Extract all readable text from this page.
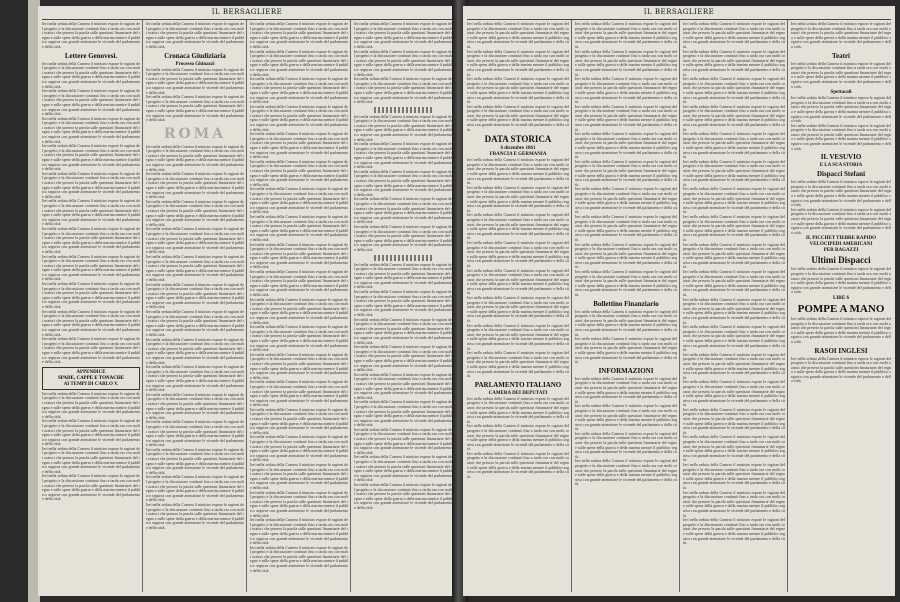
IL BERSAGLIERE
Ieri nella seduta della Camera il ministro espose le ragioni del progetto e la discussione continuò fino a tarda ora con molti oratori che presero la parola sulle questioni finanziarie del regno e sulle spese della guerra e della marina mentre il pubblico seguiva con grande attenzione le vicende del parlamento e della città.
Lettere Genovesi.
Ieri nella seduta della Camera il ministro espose le ragioni del progetto e la discussione continuò fino a tarda ora con molti oratori che presero la parola sulle questioni finanziarie del regno e sulle spese della guerra e della marina mentre il pubblico seguiva con grande attenzione le vicende del parlamento e della città.
Ieri nella seduta della Camera il ministro espose le ragioni del progetto e la discussione continuò fino a tarda ora con molti oratori che presero la parola sulle questioni finanziarie del regno e sulle spese della guerra e della marina mentre il pubblico seguiva con grande attenzione le vicende del parlamento e della città.
Ieri nella seduta della Camera il ministro espose le ragioni del progetto e la discussione continuò fino a tarda ora con molti oratori che presero la parola sulle questioni finanziarie del regno e sulle spese della guerra e della marina mentre il pubblico seguiva con grande attenzione le vicende del parlamento e della città.
Ieri nella seduta della Camera il ministro espose le ragioni del progetto e la discussione continuò fino a tarda ora con molti oratori che presero la parola sulle questioni finanziarie del regno e sulle spese della guerra e della marina mentre il pubblico seguiva con grande attenzione le vicende del parlamento e della città.
Ieri nella seduta della Camera il ministro espose le ragioni del progetto e la discussione continuò fino a tarda ora con molti oratori che presero la parola sulle questioni finanziarie del regno e sulle spese della guerra e della marina mentre il pubblico seguiva con grande attenzione le vicende del parlamento e della città.
Ieri nella seduta della Camera il ministro espose le ragioni del progetto e la discussione continuò fino a tarda ora con molti oratori che presero la parola sulle questioni finanziarie del regno e sulle spese della guerra e della marina mentre il pubblico seguiva con grande attenzione le vicende del parlamento e della città.
Ieri nella seduta della Camera il ministro espose le ragioni del progetto e la discussione continuò fino a tarda ora con molti oratori che presero la parola sulle questioni finanziarie del regno e sulle spese della guerra e della marina mentre il pubblico seguiva con grande attenzione le vicende del parlamento e della città.
Ieri nella seduta della Camera il ministro espose le ragioni del progetto e la discussione continuò fino a tarda ora con molti oratori che presero la parola sulle questioni finanziarie del regno e sulle spese della guerra e della marina mentre il pubblico seguiva con grande attenzione le vicende del parlamento e della città.
Ieri nella seduta della Camera il ministro espose le ragioni del progetto e la discussione continuò fino a tarda ora con molti oratori che presero la parola sulle questioni finanziarie del regno e sulle spese della guerra e della marina mentre il pubblico seguiva con grande attenzione le vicende del parlamento e della città.
Ieri nella seduta della Camera il ministro espose le ragioni del progetto e la discussione continuò fino a tarda ora con molti oratori che presero la parola sulle questioni finanziarie del regno e sulle spese della guerra e della marina mentre il pubblico seguiva con grande attenzione le vicende del parlamento e della città.
Ieri nella seduta della Camera il ministro espose le ragioni del progetto e la discussione continuò fino a tarda ora con molti oratori che presero la parola sulle questioni finanziarie del regno e sulle spese della guerra e della marina mentre il pubblico seguiva con grande attenzione le vicende del parlamento e della città.
APPENDICE
SPADE, CAPPE E TONACHE
AI TEMPI DI CARLO V.
Ieri nella seduta della Camera il ministro espose le ragioni del progetto e la discussione continuò fino a tarda ora con molti oratori che presero la parola sulle questioni finanziarie del regno e sulle spese della guerra e della marina mentre il pubblico seguiva con grande attenzione le vicende del parlamento e della città.
Ieri nella seduta della Camera il ministro espose le ragioni del progetto e la discussione continuò fino a tarda ora con molti oratori che presero la parola sulle questioni finanziarie del regno e sulle spese della guerra e della marina mentre il pubblico seguiva con grande attenzione le vicende del parlamento e della città.
Ieri nella seduta della Camera il ministro espose le ragioni del progetto e la discussione continuò fino a tarda ora con molti oratori che presero la parola sulle questioni finanziarie del regno e sulle spese della guerra e della marina mentre il pubblico seguiva con grande attenzione le vicende del parlamento e della città.
Ieri nella seduta della Camera il ministro espose le ragioni del progetto e la discussione continuò fino a tarda ora con molti oratori che presero la parola sulle questioni finanziarie del regno e sulle spese della guerra e della marina mentre il pubblico seguiva con grande attenzione le vicende del parlamento e della città.
Ieri nella seduta della Camera il ministro espose le ragioni del progetto e la discussione continuò fino a tarda ora con molti oratori che presero la parola sulle questioni finanziarie del regno e sulle spese della guerra e della marina mentre il pubblico seguiva con grande attenzione le vicende del parlamento e della città.
Cronaca Giudiziaria
Processo Ghinazzi
Ieri nella seduta della Camera il ministro espose le ragioni del progetto e la discussione continuò fino a tarda ora con molti oratori che presero la parola sulle questioni finanziarie del regno e sulle spese della guerra e della marina mentre il pubblico seguiva con grande attenzione le vicende del parlamento e della città.
Ieri nella seduta della Camera il ministro espose le ragioni del progetto e la discussione continuò fino a tarda ora con molti oratori che presero la parola sulle questioni finanziarie del regno e sulle spese della guerra e della marina mentre il pubblico seguiva con grande attenzione le vicende del parlamento e della città.
ROMA
Ieri nella seduta della Camera il ministro espose le ragioni del progetto e la discussione continuò fino a tarda ora con molti oratori che presero la parola sulle questioni finanziarie del regno e sulle spese della guerra e della marina mentre il pubblico seguiva con grande attenzione le vicende del parlamento e della città.
Ieri nella seduta della Camera il ministro espose le ragioni del progetto e la discussione continuò fino a tarda ora con molti oratori che presero la parola sulle questioni finanziarie del regno e sulle spese della guerra e della marina mentre il pubblico seguiva con grande attenzione le vicende del parlamento e della città.
Ieri nella seduta della Camera il ministro espose le ragioni del progetto e la discussione continuò fino a tarda ora con molti oratori che presero la parola sulle questioni finanziarie del regno e sulle spese della guerra e della marina mentre il pubblico seguiva con grande attenzione le vicende del parlamento e della città.
Ieri nella seduta della Camera il ministro espose le ragioni del progetto e la discussione continuò fino a tarda ora con molti oratori che presero la parola sulle questioni finanziarie del regno e sulle spese della guerra e della marina mentre il pubblico seguiva con grande attenzione le vicende del parlamento e della città.
Ieri nella seduta della Camera il ministro espose le ragioni del progetto e la discussione continuò fino a tarda ora con molti oratori che presero la parola sulle questioni finanziarie del regno e sulle spese della guerra e della marina mentre il pubblico seguiva con grande attenzione le vicende del parlamento e della città.
Ieri nella seduta della Camera il ministro espose le ragioni del progetto e la discussione continuò fino a tarda ora con molti oratori che presero la parola sulle questioni finanziarie del regno e sulle spese della guerra e della marina mentre il pubblico seguiva con grande attenzione le vicende del parlamento e della città.
Ieri nella seduta della Camera il ministro espose le ragioni del progetto e la discussione continuò fino a tarda ora con molti oratori che presero la parola sulle questioni finanziarie del regno e sulle spese della guerra e della marina mentre il pubblico seguiva con grande attenzione le vicende del parlamento e della città.
Ieri nella seduta della Camera il ministro espose le ragioni del progetto e la discussione continuò fino a tarda ora con molti oratori che presero la parola sulle questioni finanziarie del regno e sulle spese della guerra e della marina mentre il pubblico seguiva con grande attenzione le vicende del parlamento e della città.
Ieri nella seduta della Camera il ministro espose le ragioni del progetto e la discussione continuò fino a tarda ora con molti oratori che presero la parola sulle questioni finanziarie del regno e sulle spese della guerra e della marina mentre il pubblico seguiva con grande attenzione le vicende del parlamento e della città.
Ieri nella seduta della Camera il ministro espose le ragioni del progetto e la discussione continuò fino a tarda ora con molti oratori che presero la parola sulle questioni finanziarie del regno e sulle spese della guerra e della marina mentre il pubblico seguiva con grande attenzione le vicende del parlamento e della città.
Ieri nella seduta della Camera il ministro espose le ragioni del progetto e la discussione continuò fino a tarda ora con molti oratori che presero la parola sulle questioni finanziarie del regno e sulle spese della guerra e della marina mentre il pubblico seguiva con grande attenzione le vicende del parlamento e della città.
Ieri nella seduta della Camera il ministro espose le ragioni del progetto e la discussione continuò fino a tarda ora con molti oratori che presero la parola sulle questioni finanziarie del regno e sulle spese della guerra e della marina mentre il pubblico seguiva con grande attenzione le vicende del parlamento e della città.
Ieri nella seduta della Camera il ministro espose le ragioni del progetto e la discussione continuò fino a tarda ora con molti oratori che presero la parola sulle questioni finanziarie del regno e sulle spese della guerra e della marina mentre il pubblico seguiva con grande attenzione le vicende del parlamento e della città.
Ieri nella seduta della Camera il ministro espose le ragioni del progetto e la discussione continuò fino a tarda ora con molti oratori che presero la parola sulle questioni finanziarie del regno e sulle spese della guerra e della marina mentre il pubblico seguiva con grande attenzione le vicende del parlamento e della città.
Ieri nella seduta della Camera il ministro espose le ragioni del progetto e la discussione continuò fino a tarda ora con molti oratori che presero la parola sulle questioni finanziarie del regno e sulle spese della guerra e della marina mentre il pubblico seguiva con grande attenzione le vicende del parlamento e della città.
Ieri nella seduta della Camera il ministro espose le ragioni del progetto e la discussione continuò fino a tarda ora con molti oratori che presero la parola sulle questioni finanziarie del regno e sulle spese della guerra e della marina mentre il pubblico seguiva con grande attenzione le vicende del parlamento e della città.
Ieri nella seduta della Camera il ministro espose le ragioni del progetto e la discussione continuò fino a tarda ora con molti oratori che presero la parola sulle questioni finanziarie del regno e sulle spese della guerra e della marina mentre il pubblico seguiva con grande attenzione le vicende del parlamento e della città.
Ieri nella seduta della Camera il ministro espose le ragioni del progetto e la discussione continuò fino a tarda ora con molti oratori che presero la parola sulle questioni finanziarie del regno e sulle spese della guerra e della marina mentre il pubblico seguiva con grande attenzione le vicende del parlamento e della città.
Ieri nella seduta della Camera il ministro espose le ragioni del progetto e la discussione continuò fino a tarda ora con molti oratori che presero la parola sulle questioni finanziarie del regno e sulle spese della guerra e della marina mentre il pubblico seguiva con grande attenzione le vicende del parlamento e della città.
Ieri nella seduta della Camera il ministro espose le ragioni del progetto e la discussione continuò fino a tarda ora con molti oratori che presero la parola sulle questioni finanziarie del regno e sulle spese della guerra e della marina mentre il pubblico seguiva con grande attenzione le vicende del parlamento e della città.
Ieri nella seduta della Camera il ministro espose le ragioni del progetto e la discussione continuò fino a tarda ora con molti oratori che presero la parola sulle questioni finanziarie del regno e sulle spese della guerra e della marina mentre il pubblico seguiva con grande attenzione le vicende del parlamento e della città.
Ieri nella seduta della Camera il ministro espose le ragioni del progetto e la discussione continuò fino a tarda ora con molti oratori che presero la parola sulle questioni finanziarie del regno e sulle spese della guerra e della marina mentre il pubblico seguiva con grande attenzione le vicende del parlamento e della città.
Ieri nella seduta della Camera il ministro espose le ragioni del progetto e la discussione continuò fino a tarda ora con molti oratori che presero la parola sulle questioni finanziarie del regno e sulle spese della guerra e della marina mentre il pubblico seguiva con grande attenzione le vicende del parlamento e della città.
Ieri nella seduta della Camera il ministro espose le ragioni del progetto e la discussione continuò fino a tarda ora con molti oratori che presero la parola sulle questioni finanziarie del regno e sulle spese della guerra e della marina mentre il pubblico seguiva con grande attenzione le vicende del parlamento e della città.
Ieri nella seduta della Camera il ministro espose le ragioni del progetto e la discussione continuò fino a tarda ora con molti oratori che presero la parola sulle questioni finanziarie del regno e sulle spese della guerra e della marina mentre il pubblico seguiva con grande attenzione le vicende del parlamento e della città.
Ieri nella seduta della Camera il ministro espose le ragioni del progetto e la discussione continuò fino a tarda ora con molti oratori che presero la parola sulle questioni finanziarie del regno e sulle spese della guerra e della marina mentre il pubblico seguiva con grande attenzione le vicende del parlamento e della città.
Ieri nella seduta della Camera il ministro espose le ragioni del progetto e la discussione continuò fino a tarda ora con molti oratori che presero la parola sulle questioni finanziarie del regno e sulle spese della guerra e della marina mentre il pubblico seguiva con grande attenzione le vicende del parlamento e della città.
Ieri nella seduta della Camera il ministro espose le ragioni del progetto e la discussione continuò fino a tarda ora con molti oratori che presero la parola sulle questioni finanziarie del regno e sulle spese della guerra e della marina mentre il pubblico seguiva con grande attenzione le vicende del parlamento e della città.
Ieri nella seduta della Camera il ministro espose le ragioni del progetto e la discussione continuò fino a tarda ora con molti oratori che presero la parola sulle questioni finanziarie del regno e sulle spese della guerra e della marina mentre il pubblico seguiva con grande attenzione le vicende del parlamento e della città.
Ieri nella seduta della Camera il ministro espose le ragioni del progetto e la discussione continuò fino a tarda ora con molti oratori che presero la parola sulle questioni finanziarie del regno e sulle spese della guerra e della marina mentre il pubblico seguiva con grande attenzione le vicende del parlamento e della città.
Ieri nella seduta della Camera il ministro espose le ragioni del progetto e la discussione continuò fino a tarda ora con molti oratori che presero la parola sulle questioni finanziarie del regno e sulle spese della guerra e della marina mentre il pubblico seguiva con grande attenzione le vicende del parlamento e della città.
Ieri nella seduta della Camera il ministro espose le ragioni del progetto e la discussione continuò fino a tarda ora con molti oratori che presero la parola sulle questioni finanziarie del regno e sulle spese della guerra e della marina mentre il pubblico seguiva con grande attenzione le vicende del parlamento e della città.
Ieri nella seduta della Camera il ministro espose le ragioni del progetto e la discussione continuò fino a tarda ora con molti oratori che presero la parola sulle questioni finanziarie del regno e sulle spese della guerra e della marina mentre il pubblico seguiva con grande attenzione le vicende del parlamento e della città.
Ieri nella seduta della Camera il ministro espose le ragioni del progetto e la discussione continuò fino a tarda ora con molti oratori che presero la parola sulle questioni finanziarie del regno e sulle spese della guerra e della marina mentre il pubblico seguiva con grande attenzione le vicende del parlamento e della città.
Ieri nella seduta della Camera il ministro espose le ragioni del progetto e la discussione continuò fino a tarda ora con molti oratori che presero la parola sulle questioni finanziarie del regno e sulle spese della guerra e della marina mentre il pubblico seguiva con grande attenzione le vicende del parlamento e della città.
Ieri nella seduta della Camera il ministro espose le ragioni del progetto e la discussione continuò fino a tarda ora con molti oratori che presero la parola sulle questioni finanziarie del regno e sulle spese della guerra e della marina mentre il pubblico seguiva con grande attenzione le vicende del parlamento e della città.
Ieri nella seduta della Camera il ministro espose le ragioni del progetto e la discussione continuò fino a tarda ora con molti oratori che presero la parola sulle questioni finanziarie del regno e sulle spese della guerra e della marina mentre il pubblico seguiva con grande attenzione le vicende del parlamento e della città.
Ieri nella seduta della Camera il ministro espose le ragioni del progetto e la discussione continuò fino a tarda ora con molti oratori che presero la parola sulle questioni finanziarie del regno e sulle spese della guerra e della marina mentre il pubblico seguiva con grande attenzione le vicende del parlamento e della città.
Ieri nella seduta della Camera il ministro espose le ragioni del progetto e la discussione continuò fino a tarda ora con molti oratori che presero la parola sulle questioni finanziarie del regno e sulle spese della guerra e della marina mentre il pubblico seguiva con grande attenzione le vicende del parlamento e della città.
Ieri nella seduta della Camera il ministro espose le ragioni del progetto e la discussione continuò fino a tarda ora con molti oratori che presero la parola sulle questioni finanziarie del regno e sulle spese della guerra e della marina mentre il pubblico seguiva con grande attenzione le vicende del parlamento e della città.
Ieri nella seduta della Camera il ministro espose le ragioni del progetto e la discussione continuò fino a tarda ora con molti oratori che presero la parola sulle questioni finanziarie del regno e sulle spese della guerra e della marina mentre il pubblico seguiva con grande attenzione le vicende del parlamento e della città.
Ieri nella seduta della Camera il ministro espose le ragioni del progetto e la discussione continuò fino a tarda ora con molti oratori che presero la parola sulle questioni finanziarie del regno e sulle spese della guerra e della marina mentre il pubblico seguiva con grande attenzione le vicende del parlamento e della città.
Ieri nella seduta della Camera il ministro espose le ragioni del progetto e la discussione continuò fino a tarda ora con molti oratori che presero la parola sulle questioni finanziarie del regno e sulle spese della guerra e della marina mentre il pubblico seguiva con grande attenzione le vicende del parlamento e della città.
Ieri nella seduta della Camera il ministro espose le ragioni del progetto e la discussione continuò fino a tarda ora con molti oratori che presero la parola sulle questioni finanziarie del regno e sulle spese della guerra e della marina mentre il pubblico seguiva con grande attenzione le vicende del parlamento e della città.
Ieri nella seduta della Camera il ministro espose le ragioni del progetto e la discussione continuò fino a tarda ora con molti oratori che presero la parola sulle questioni finanziarie del regno e sulle spese della guerra e della marina mentre il pubblico seguiva con grande attenzione le vicende del parlamento e della città.
Ieri nella seduta della Camera il ministro espose le ragioni del progetto e la discussione continuò fino a tarda ora con molti oratori che presero la parola sulle questioni finanziarie del regno e sulle spese della guerra e della marina mentre il pubblico seguiva con grande attenzione le vicende del parlamento e della città.
Ieri nella seduta della Camera il ministro espose le ragioni del progetto e la discussione continuò fino a tarda ora con molti oratori che presero la parola sulle questioni finanziarie del regno e sulle spese della guerra e della marina mentre il pubblico seguiva con grande attenzione le vicende del parlamento e della città.
Ieri nella seduta della Camera il ministro espose le ragioni del progetto e la discussione continuò fino a tarda ora con molti oratori che presero la parola sulle questioni finanziarie del regno e sulle spese della guerra e della marina mentre il pubblico seguiva con grande attenzione le vicende del parlamento e della città.
Ieri nella seduta della Camera il ministro espose le ragioni del progetto e la discussione continuò fino a tarda ora con molti oratori che presero la parola sulle questioni finanziarie del regno e sulle spese della guerra e della marina mentre il pubblico seguiva con grande attenzione le vicende del parlamento e della città.
Ieri nella seduta della Camera il ministro espose le ragioni del progetto e la discussione continuò fino a tarda ora con molti oratori che presero la parola sulle questioni finanziarie del regno e sulle spese della guerra e della marina mentre il pubblico seguiva con grande attenzione le vicende del parlamento e della città.
Ieri nella seduta della Camera il ministro espose le ragioni del progetto e la discussione continuò fino a tarda ora con molti oratori che presero la parola sulle questioni finanziarie del regno e sulle spese della guerra e della marina mentre il pubblico seguiva con grande attenzione le vicende del parlamento e della città.
IL BERSAGLIERE
Ieri nella seduta della Camera il ministro espose le ragioni del progetto e la discussione continuò fino a tarda ora con molti oratori che presero la parola sulle questioni finanziarie del regno e sulle spese della guerra e della marina mentre il pubblico seguiva con grande attenzione le vicende del parlamento e della città.
Ieri nella seduta della Camera il ministro espose le ragioni del progetto e la discussione continuò fino a tarda ora con molti oratori che presero la parola sulle questioni finanziarie del regno e sulle spese della guerra e della marina mentre il pubblico seguiva con grande attenzione le vicende del parlamento e della città.
Ieri nella seduta della Camera il ministro espose le ragioni del progetto e la discussione continuò fino a tarda ora con molti oratori che presero la parola sulle questioni finanziarie del regno e sulle spese della guerra e della marina mentre il pubblico seguiva con grande attenzione le vicende del parlamento e della città.
Ieri nella seduta della Camera il ministro espose le ragioni del progetto e la discussione continuò fino a tarda ora con molti oratori che presero la parola sulle questioni finanziarie del regno e sulle spese della guerra e della marina mentre il pubblico seguiva con grande attenzione le vicende del parlamento e della città.
DATA STORICA
6 dicembre 1861
FRANCIA E GERMANIA
Ieri nella seduta della Camera il ministro espose le ragioni del progetto e la discussione continuò fino a tarda ora con molti oratori che presero la parola sulle questioni finanziarie del regno e sulle spese della guerra e della marina mentre il pubblico seguiva con grande attenzione le vicende del parlamento e della città.
Ieri nella seduta della Camera il ministro espose le ragioni del progetto e la discussione continuò fino a tarda ora con molti oratori che presero la parola sulle questioni finanziarie del regno e sulle spese della guerra e della marina mentre il pubblico seguiva con grande attenzione le vicende del parlamento e della città.
Ieri nella seduta della Camera il ministro espose le ragioni del progetto e la discussione continuò fino a tarda ora con molti oratori che presero la parola sulle questioni finanziarie del regno e sulle spese della guerra e della marina mentre il pubblico seguiva con grande attenzione le vicende del parlamento e della città.
Ieri nella seduta della Camera il ministro espose le ragioni del progetto e la discussione continuò fino a tarda ora con molti oratori che presero la parola sulle questioni finanziarie del regno e sulle spese della guerra e della marina mentre il pubblico seguiva con grande attenzione le vicende del parlamento e della città.
Ieri nella seduta della Camera il ministro espose le ragioni del progetto e la discussione continuò fino a tarda ora con molti oratori che presero la parola sulle questioni finanziarie del regno e sulle spese della guerra e della marina mentre il pubblico seguiva con grande attenzione le vicende del parlamento e della città.
Ieri nella seduta della Camera il ministro espose le ragioni del progetto e la discussione continuò fino a tarda ora con molti oratori che presero la parola sulle questioni finanziarie del regno e sulle spese della guerra e della marina mentre il pubblico seguiva con grande attenzione le vicende del parlamento e della città.
Ieri nella seduta della Camera il ministro espose le ragioni del progetto e la discussione continuò fino a tarda ora con molti oratori che presero la parola sulle questioni finanziarie del regno e sulle spese della guerra e della marina mentre il pubblico seguiva con grande attenzione le vicende del parlamento e della città.
Ieri nella seduta della Camera il ministro espose le ragioni del progetto e la discussione continuò fino a tarda ora con molti oratori che presero la parola sulle questioni finanziarie del regno e sulle spese della guerra e della marina mentre il pubblico seguiva con grande attenzione le vicende del parlamento e della città.
PARLAMENTO ITALIANO
CAMERA DEI DEPUTATI
Ieri nella seduta della Camera il ministro espose le ragioni del progetto e la discussione continuò fino a tarda ora con molti oratori che presero la parola sulle questioni finanziarie del regno e sulle spese della guerra e della marina mentre il pubblico seguiva con grande attenzione le vicende del parlamento e della città.
Ieri nella seduta della Camera il ministro espose le ragioni del progetto e la discussione continuò fino a tarda ora con molti oratori che presero la parola sulle questioni finanziarie del regno e sulle spese della guerra e della marina mentre il pubblico seguiva con grande attenzione le vicende del parlamento e della città.
Ieri nella seduta della Camera il ministro espose le ragioni del progetto e la discussione continuò fino a tarda ora con molti oratori che presero la parola sulle questioni finanziarie del regno e sulle spese della guerra e della marina mentre il pubblico seguiva con grande attenzione le vicende del parlamento e della città.
Ieri nella seduta della Camera il ministro espose le ragioni del progetto e la discussione continuò fino a tarda ora con molti oratori che presero la parola sulle questioni finanziarie del regno e sulle spese della guerra e della marina mentre il pubblico seguiva con grande attenzione le vicende del parlamento e della città.
Ieri nella seduta della Camera il ministro espose le ragioni del progetto e la discussione continuò fino a tarda ora con molti oratori che presero la parola sulle questioni finanziarie del regno e sulle spese della guerra e della marina mentre il pubblico seguiva con grande attenzione le vicende del parlamento e della città.
Ieri nella seduta della Camera il ministro espose le ragioni del progetto e la discussione continuò fino a tarda ora con molti oratori che presero la parola sulle questioni finanziarie del regno e sulle spese della guerra e della marina mentre il pubblico seguiva con grande attenzione le vicende del parlamento e della città.
Ieri nella seduta della Camera il ministro espose le ragioni del progetto e la discussione continuò fino a tarda ora con molti oratori che presero la parola sulle questioni finanziarie del regno e sulle spese della guerra e della marina mentre il pubblico seguiva con grande attenzione le vicende del parlamento e della città.
Ieri nella seduta della Camera il ministro espose le ragioni del progetto e la discussione continuò fino a tarda ora con molti oratori che presero la parola sulle questioni finanziarie del regno e sulle spese della guerra e della marina mentre il pubblico seguiva con grande attenzione le vicende del parlamento e della città.
Ieri nella seduta della Camera il ministro espose le ragioni del progetto e la discussione continuò fino a tarda ora con molti oratori che presero la parola sulle questioni finanziarie del regno e sulle spese della guerra e della marina mentre il pubblico seguiva con grande attenzione le vicende del parlamento e della città.
Ieri nella seduta della Camera il ministro espose le ragioni del progetto e la discussione continuò fino a tarda ora con molti oratori che presero la parola sulle questioni finanziarie del regno e sulle spese della guerra e della marina mentre il pubblico seguiva con grande attenzione le vicende del parlamento e della città.
Ieri nella seduta della Camera il ministro espose le ragioni del progetto e la discussione continuò fino a tarda ora con molti oratori che presero la parola sulle questioni finanziarie del regno e sulle spese della guerra e della marina mentre il pubblico seguiva con grande attenzione le vicende del parlamento e della città.
Ieri nella seduta della Camera il ministro espose le ragioni del progetto e la discussione continuò fino a tarda ora con molti oratori che presero la parola sulle questioni finanziarie del regno e sulle spese della guerra e della marina mentre il pubblico seguiva con grande attenzione le vicende del parlamento e della città.
Ieri nella seduta della Camera il ministro espose le ragioni del progetto e la discussione continuò fino a tarda ora con molti oratori che presero la parola sulle questioni finanziarie del regno e sulle spese della guerra e della marina mentre il pubblico seguiva con grande attenzione le vicende del parlamento e della città.
Bollettino Finanziario
Ieri nella seduta della Camera il ministro espose le ragioni del progetto e la discussione continuò fino a tarda ora con molti oratori che presero la parola sulle questioni finanziarie del regno e sulle spese della guerra e della marina mentre il pubblico seguiva con grande attenzione le vicende del parlamento e della città.
Ieri nella seduta della Camera il ministro espose le ragioni del progetto e la discussione continuò fino a tarda ora con molti oratori che presero la parola sulle questioni finanziarie del regno e sulle spese della guerra e della marina mentre il pubblico seguiva con grande attenzione le vicende del parlamento e della città.
INFORMAZIONI
Ieri nella seduta della Camera il ministro espose le ragioni del progetto e la discussione continuò fino a tarda ora con molti oratori che presero la parola sulle questioni finanziarie del regno e sulle spese della guerra e della marina mentre il pubblico seguiva con grande attenzione le vicende del parlamento e della città.
Ieri nella seduta della Camera il ministro espose le ragioni del progetto e la discussione continuò fino a tarda ora con molti oratori che presero la parola sulle questioni finanziarie del regno e sulle spese della guerra e della marina mentre il pubblico seguiva con grande attenzione le vicende del parlamento e della città.
Ieri nella seduta della Camera il ministro espose le ragioni del progetto e la discussione continuò fino a tarda ora con molti oratori che presero la parola sulle questioni finanziarie del regno e sulle spese della guerra e della marina mentre il pubblico seguiva con grande attenzione le vicende del parlamento e della città.
Ieri nella seduta della Camera il ministro espose le ragioni del progetto e la discussione continuò fino a tarda ora con molti oratori che presero la parola sulle questioni finanziarie del regno e sulle spese della guerra e della marina mentre il pubblico seguiva con grande attenzione le vicende del parlamento e della città.
Ieri nella seduta della Camera il ministro espose le ragioni del progetto e la discussione continuò fino a tarda ora con molti oratori che presero la parola sulle questioni finanziarie del regno e sulle spese della guerra e della marina mentre il pubblico seguiva con grande attenzione le vicende del parlamento e della città.
Ieri nella seduta della Camera il ministro espose le ragioni del progetto e la discussione continuò fino a tarda ora con molti oratori che presero la parola sulle questioni finanziarie del regno e sulle spese della guerra e della marina mentre il pubblico seguiva con grande attenzione le vicende del parlamento e della città.
Ieri nella seduta della Camera il ministro espose le ragioni del progetto e la discussione continuò fino a tarda ora con molti oratori che presero la parola sulle questioni finanziarie del regno e sulle spese della guerra e della marina mentre il pubblico seguiva con grande attenzione le vicende del parlamento e della città.
Ieri nella seduta della Camera il ministro espose le ragioni del progetto e la discussione continuò fino a tarda ora con molti oratori che presero la parola sulle questioni finanziarie del regno e sulle spese della guerra e della marina mentre il pubblico seguiva con grande attenzione le vicende del parlamento e della città.
Ieri nella seduta della Camera il ministro espose le ragioni del progetto e la discussione continuò fino a tarda ora con molti oratori che presero la parola sulle questioni finanziarie del regno e sulle spese della guerra e della marina mentre il pubblico seguiva con grande attenzione le vicende del parlamento e della città.
Ieri nella seduta della Camera il ministro espose le ragioni del progetto e la discussione continuò fino a tarda ora con molti oratori che presero la parola sulle questioni finanziarie del regno e sulle spese della guerra e della marina mentre il pubblico seguiva con grande attenzione le vicende del parlamento e della città.
Ieri nella seduta della Camera il ministro espose le ragioni del progetto e la discussione continuò fino a tarda ora con molti oratori che presero la parola sulle questioni finanziarie del regno e sulle spese della guerra e della marina mentre il pubblico seguiva con grande attenzione le vicende del parlamento e della città.
Ieri nella seduta della Camera il ministro espose le ragioni del progetto e la discussione continuò fino a tarda ora con molti oratori che presero la parola sulle questioni finanziarie del regno e sulle spese della guerra e della marina mentre il pubblico seguiva con grande attenzione le vicende del parlamento e della città.
Ieri nella seduta della Camera il ministro espose le ragioni del progetto e la discussione continuò fino a tarda ora con molti oratori che presero la parola sulle questioni finanziarie del regno e sulle spese della guerra e della marina mentre il pubblico seguiva con grande attenzione le vicende del parlamento e della città.
Ieri nella seduta della Camera il ministro espose le ragioni del progetto e la discussione continuò fino a tarda ora con molti oratori che presero la parola sulle questioni finanziarie del regno e sulle spese della guerra e della marina mentre il pubblico seguiva con grande attenzione le vicende del parlamento e della città.
Ieri nella seduta della Camera il ministro espose le ragioni del progetto e la discussione continuò fino a tarda ora con molti oratori che presero la parola sulle questioni finanziarie del regno e sulle spese della guerra e della marina mentre il pubblico seguiva con grande attenzione le vicende del parlamento e della città.
Ieri nella seduta della Camera il ministro espose le ragioni del progetto e la discussione continuò fino a tarda ora con molti oratori che presero la parola sulle questioni finanziarie del regno e sulle spese della guerra e della marina mentre il pubblico seguiva con grande attenzione le vicende del parlamento e della città.
Ieri nella seduta della Camera il ministro espose le ragioni del progetto e la discussione continuò fino a tarda ora con molti oratori che presero la parola sulle questioni finanziarie del regno e sulle spese della guerra e della marina mentre il pubblico seguiva con grande attenzione le vicende del parlamento e della città.
Ieri nella seduta della Camera il ministro espose le ragioni del progetto e la discussione continuò fino a tarda ora con molti oratori che presero la parola sulle questioni finanziarie del regno e sulle spese della guerra e della marina mentre il pubblico seguiva con grande attenzione le vicende del parlamento e della città.
Ieri nella seduta della Camera il ministro espose le ragioni del progetto e la discussione continuò fino a tarda ora con molti oratori che presero la parola sulle questioni finanziarie del regno e sulle spese della guerra e della marina mentre il pubblico seguiva con grande attenzione le vicende del parlamento e della città.
Ieri nella seduta della Camera il ministro espose le ragioni del progetto e la discussione continuò fino a tarda ora con molti oratori che presero la parola sulle questioni finanziarie del regno e sulle spese della guerra e della marina mentre il pubblico seguiva con grande attenzione le vicende del parlamento e della città.
Ieri nella seduta della Camera il ministro espose le ragioni del progetto e la discussione continuò fino a tarda ora con molti oratori che presero la parola sulle questioni finanziarie del regno e sulle spese della guerra e della marina mentre il pubblico seguiva con grande attenzione le vicende del parlamento e della città.
Ieri nella seduta della Camera il ministro espose le ragioni del progetto e la discussione continuò fino a tarda ora con molti oratori che presero la parola sulle questioni finanziarie del regno e sulle spese della guerra e della marina mentre il pubblico seguiva con grande attenzione le vicende del parlamento e della città.
Ieri nella seduta della Camera il ministro espose le ragioni del progetto e la discussione continuò fino a tarda ora con molti oratori che presero la parola sulle questioni finanziarie del regno e sulle spese della guerra e della marina mentre il pubblico seguiva con grande attenzione le vicende del parlamento e della città.
Ieri nella seduta della Camera il ministro espose le ragioni del progetto e la discussione continuò fino a tarda ora con molti oratori che presero la parola sulle questioni finanziarie del regno e sulle spese della guerra e della marina mentre il pubblico seguiva con grande attenzione le vicende del parlamento e della città.
Teatri
Ieri nella seduta della Camera il ministro espose le ragioni del progetto e la discussione continuò fino a tarda ora con molti oratori che presero la parola sulle questioni finanziarie del regno e sulle spese della guerra e della marina mentre il pubblico seguiva con grande attenzione le vicende del parlamento e della città.
Spettacoli
Ieri nella seduta della Camera il ministro espose le ragioni del progetto e la discussione continuò fino a tarda ora con molti oratori che presero la parola sulle questioni finanziarie del regno e sulle spese della guerra e della marina mentre il pubblico seguiva con grande attenzione le vicende del parlamento e della città.
Ieri nella seduta della Camera il ministro espose le ragioni del progetto e la discussione continuò fino a tarda ora con molti oratori che presero la parola sulle questioni finanziarie del regno e sulle spese della guerra e della marina mentre il pubblico seguiva con grande attenzione le vicende del parlamento e della città.
IL VESUVIO
E LA SUA STORIA
Dispacci Stefani
Ieri nella seduta della Camera il ministro espose le ragioni del progetto e la discussione continuò fino a tarda ora con molti oratori che presero la parola sulle questioni finanziarie del regno e sulle spese della guerra e della marina mentre il pubblico seguiva con grande attenzione le vicende del parlamento e della città.
Ieri nella seduta della Camera il ministro espose le ragioni del progetto e la discussione continuò fino a tarda ora con molti oratori che presero la parola sulle questioni finanziarie del regno e sulle spese della guerra e della marina mentre il pubblico seguiva con grande attenzione le vicende del parlamento e della città.
IL PICCHET TIEBRE RAPIDO
VELOCIPEDI AMERICANI
PER RAGAZZI
Ultimi Dispacci
Ieri nella seduta della Camera il ministro espose le ragioni del progetto e la discussione continuò fino a tarda ora con molti oratori che presero la parola sulle questioni finanziarie del regno e sulle spese della guerra e della marina mentre il pubblico seguiva con grande attenzione le vicende del parlamento e della città.
LIRE 6
POMPE A MANO
Ieri nella seduta della Camera il ministro espose le ragioni del progetto e la discussione continuò fino a tarda ora con molti oratori che presero la parola sulle questioni finanziarie del regno e sulle spese della guerra e della marina mentre il pubblico seguiva con grande attenzione le vicende del parlamento e della città.
RASOI INGLESI
Ieri nella seduta della Camera il ministro espose le ragioni del progetto e la discussione continuò fino a tarda ora con molti oratori che presero la parola sulle questioni finanziarie del regno e sulle spese della guerra e della marina mentre il pubblico seguiva con grande attenzione le vicende del parlamento e della città.
